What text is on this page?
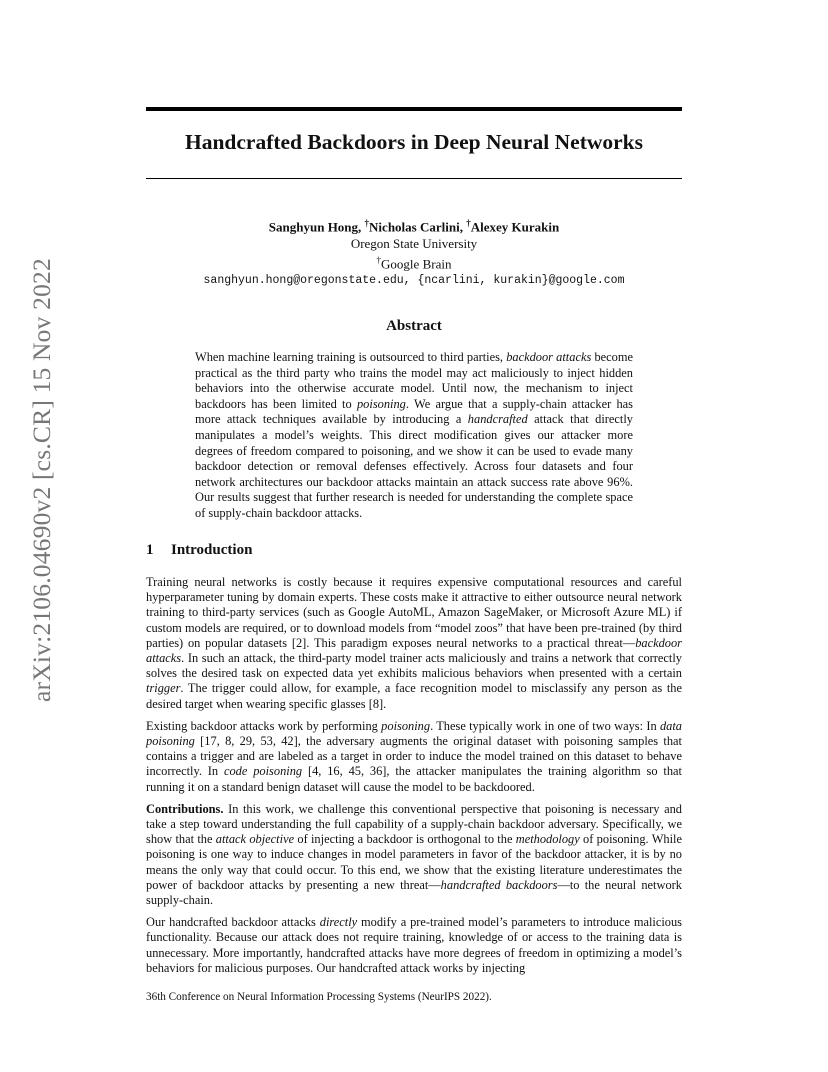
arXiv:2106.04690v2 [cs.CR] 15 Nov 2022
Handcrafted Backdoors in Deep Neural Networks
Sanghyun Hong, †Nicholas Carlini, †Alexey Kurakin
Oregon State University
†Google Brain
sanghyun.hong@oregonstate.edu, {ncarlini, kurakin}@google.com
Abstract

When machine learning training is outsourced to third parties, backdoor attacks become practical as the third party who trains the model may act maliciously to inject hidden behaviors into the otherwise accurate model. Until now, the mechanism to inject backdoors has been limited to poisoning. We argue that a supply-chain attacker has more attack techniques available by introducing a handcrafted attack that directly manipulates a model’s weights. This direct modification gives our attacker more degrees of freedom compared to poisoning, and we show it can be used to evade many backdoor detection or removal defenses effectively. Across four datasets and four network architectures our backdoor attacks maintain an attack success rate above 96%. Our results suggest that further research is needed for understanding the complete space of supply-chain backdoor attacks.

1 Introduction

Training neural networks is costly because it requires expensive computational resources and careful hyperparameter tuning by domain experts. These costs make it attractive to either outsource neural network training to third-party services (such as Google AutoML, Amazon SageMaker, or Microsoft Azure ML) if custom models are required, or to download models from “model zoos” that have been pre-trained (by third parties) on popular datasets [2]. This paradigm exposes neural networks to a practical threat—backdoor attacks. In such an attack, the third-party model trainer acts maliciously and trains a network that correctly solves the desired task on expected data yet exhibits malicious behaviors when presented with a certain trigger. The trigger could allow, for example, a face recognition model to misclassify any person as the desired target when wearing specific glasses [8].

Existing backdoor attacks work by performing poisoning. These typically work in one of two ways: In data poisoning [17, 8, 29, 53, 42], the adversary augments the original dataset with poisoning samples that contains a trigger and are labeled as a target in order to induce the model trained on this dataset to behave incorrectly. In code poisoning [4, 16, 45, 36], the attacker manipulates the training algorithm so that running it on a standard benign dataset will cause the model to be backdoored.

Contributions. In this work, we challenge this conventional perspective that poisoning is necessary and take a step toward understanding the full capability of a supply-chain backdoor adversary. Specifically, we show that the attack objective of injecting a backdoor is orthogonal to the methodology of poisoning. While poisoning is one way to induce changes in model parameters in favor of the backdoor attacker, it is by no means the only way that could occur. To this end, we show that the existing literature underestimates the power of backdoor attacks by presenting a new threat—handcrafted backdoors—to the neural network supply-chain.

Our handcrafted backdoor attacks directly modify a pre-trained model’s parameters to introduce malicious functionality. Because our attack does not require training, knowledge of or access to the training data is unnecessary. More importantly, handcrafted attacks have more degrees of freedom in optimizing a model’s behaviors for malicious purposes. Our handcrafted attack works by injecting

36th Conference on Neural Information Processing Systems (NeurIPS 2022).
